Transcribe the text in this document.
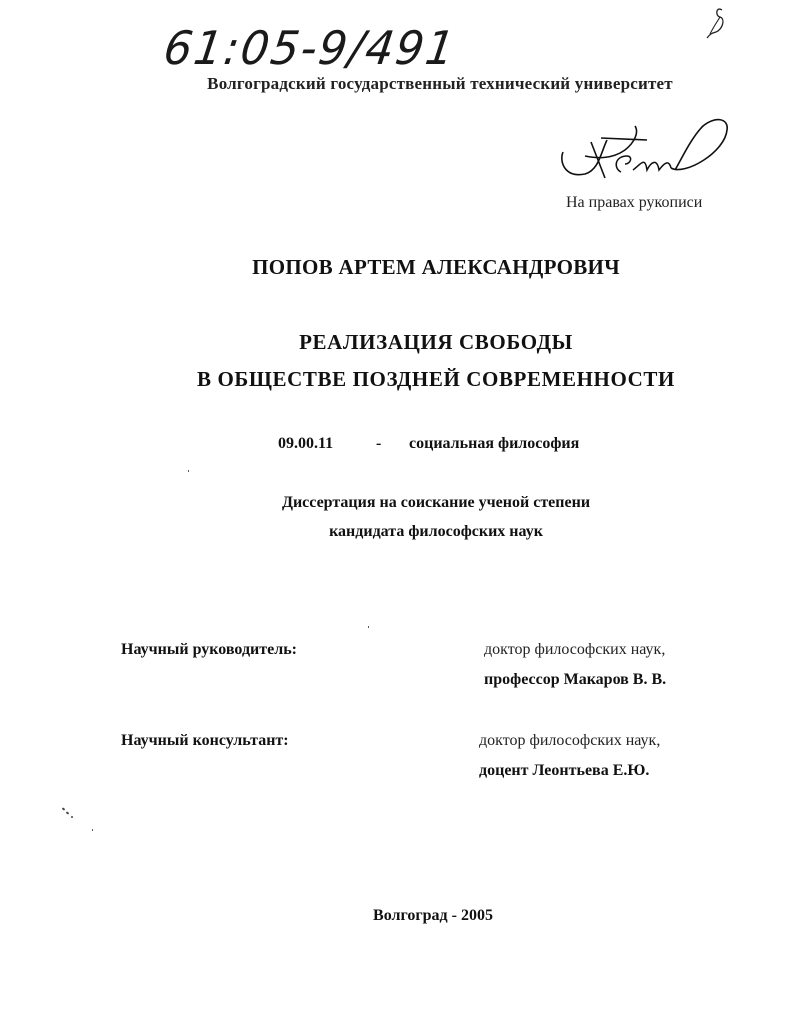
61:05-9/491
Волгоградский государственный технический университет
На правах рукописи
ПОПОВ АРТЕМ АЛЕКСАНДРОВИЧ
РЕАЛИЗАЦИЯ СВОБОДЫ
В ОБЩЕСТВЕ ПОЗДНЕЙ СОВРЕМЕННОСТИ
09.00.11	- социальная философия
Диссертация на соискание ученой степени
кандидата философских наук
Научный руководитель:	доктор философских наук,
профессор Макаров В. В.
Научный консультант:	доктор философских наук,
доцент Леонтьева Е.Ю.
Волгоград - 2005
